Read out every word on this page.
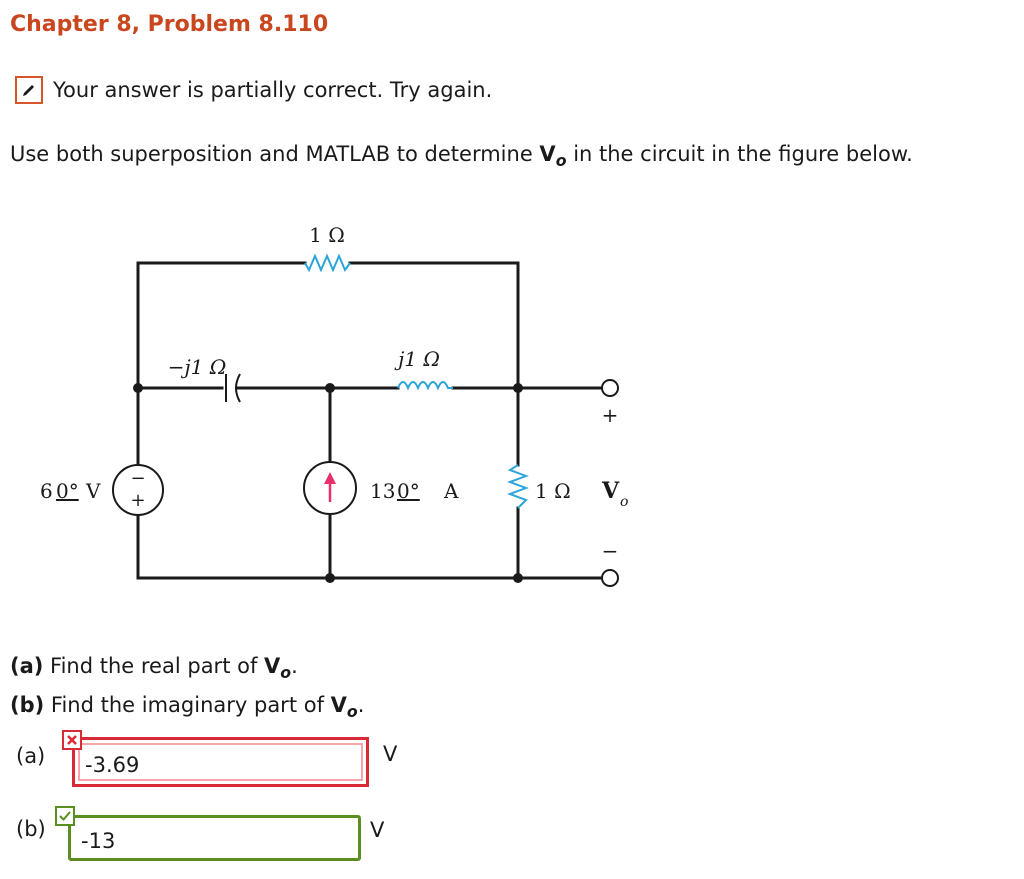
Chapter 8, Problem 8.110
Your answer is partially correct. Try again.
Use both superposition and MATLAB to determine $V_o$ in the circuit in the figure below.
1 Ω
−j1 Ω	j1 Ω
6 0° V	13 0° A	1 Ω V o
+
−
−
+
(a) Find the real part of $V_o$.
(b) Find the imaginary part of $V_o$.
(a)
-3.69	V
(b)
-13	V
